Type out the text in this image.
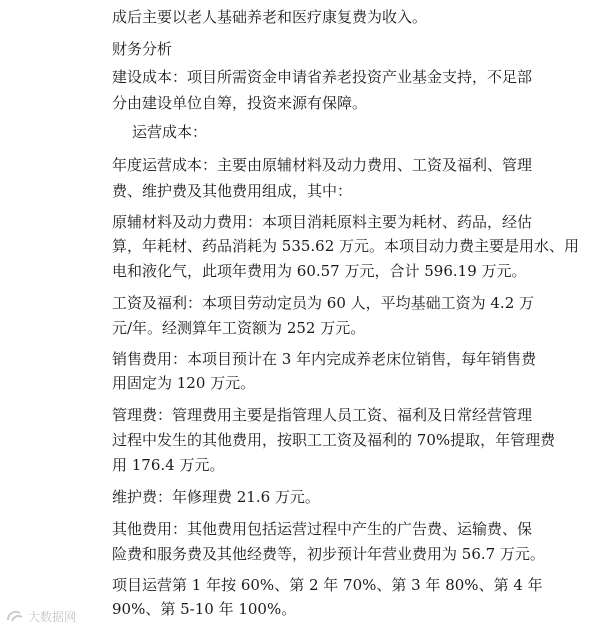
成后主要以老人基础养老和医疗康复费为收入。
财务分析
建设成本：项目所需资金申请省养老投资产业基金支持，不足部
分由建设单位自筹，投资来源有保障。
运营成本：
年度运营成本：主要由原辅材料及动力费用、工资及福利、管理
费、维护费及其他费用组成，其中：
原辅材料及动力费用：本项目消耗原料主要为耗材、药品，经估
算，年耗材、药品消耗为 535.62 万元。本项目动力费主要是用水、用
电和液化气，此项年费用为 60.57 万元，合计 596.19 万元。
工资及福利：本项目劳动定员为 60 人，平均基础工资为 4.2 万
元/年。经测算年工资额为 252 万元。
销售费用：本项目预计在 3 年内完成养老床位销售，每年销售费
用固定为 120 万元。
管理费：管理费用主要是指管理人员工资、福利及日常经营管理
过程中发生的其他费用，按职工工资及福利的 70%提取，年管理费
用 176.4 万元。
维护费：年修理费 21.6 万元。
其他费用：其他费用包括运营过程中产生的广告费、运输费、保
险费和服务费及其他经费等，初步预计年营业费用为 56.7 万元。
项目运营第 1 年按 60%、第 2 年 70%、第 3 年 80%、第 4 年
90%、第 5-10 年 100%。
大数据网
